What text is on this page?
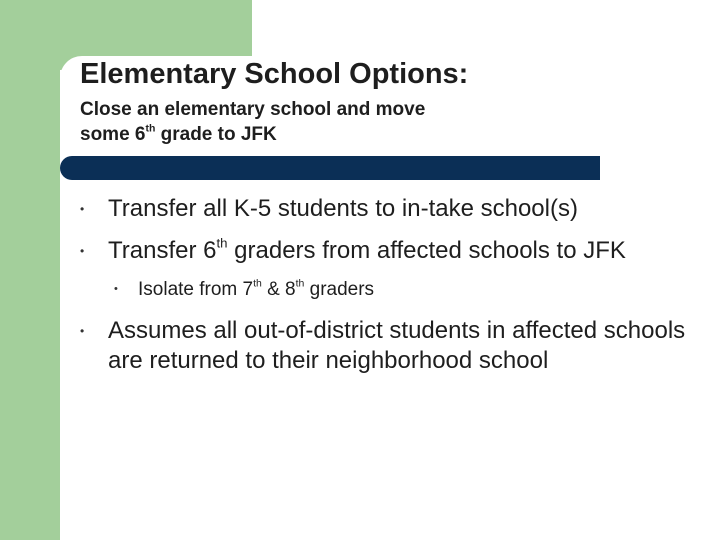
Elementary School Options:

Close an elementary school and move
some 6th grade to JFK

• Transfer all K-5 students to in-take school(s)
• Transfer 6th graders from affected schools to JFK
• Isolate from 7th & 8th graders
• Assumes all out-of-district students in affected schools are returned to their neighborhood school
